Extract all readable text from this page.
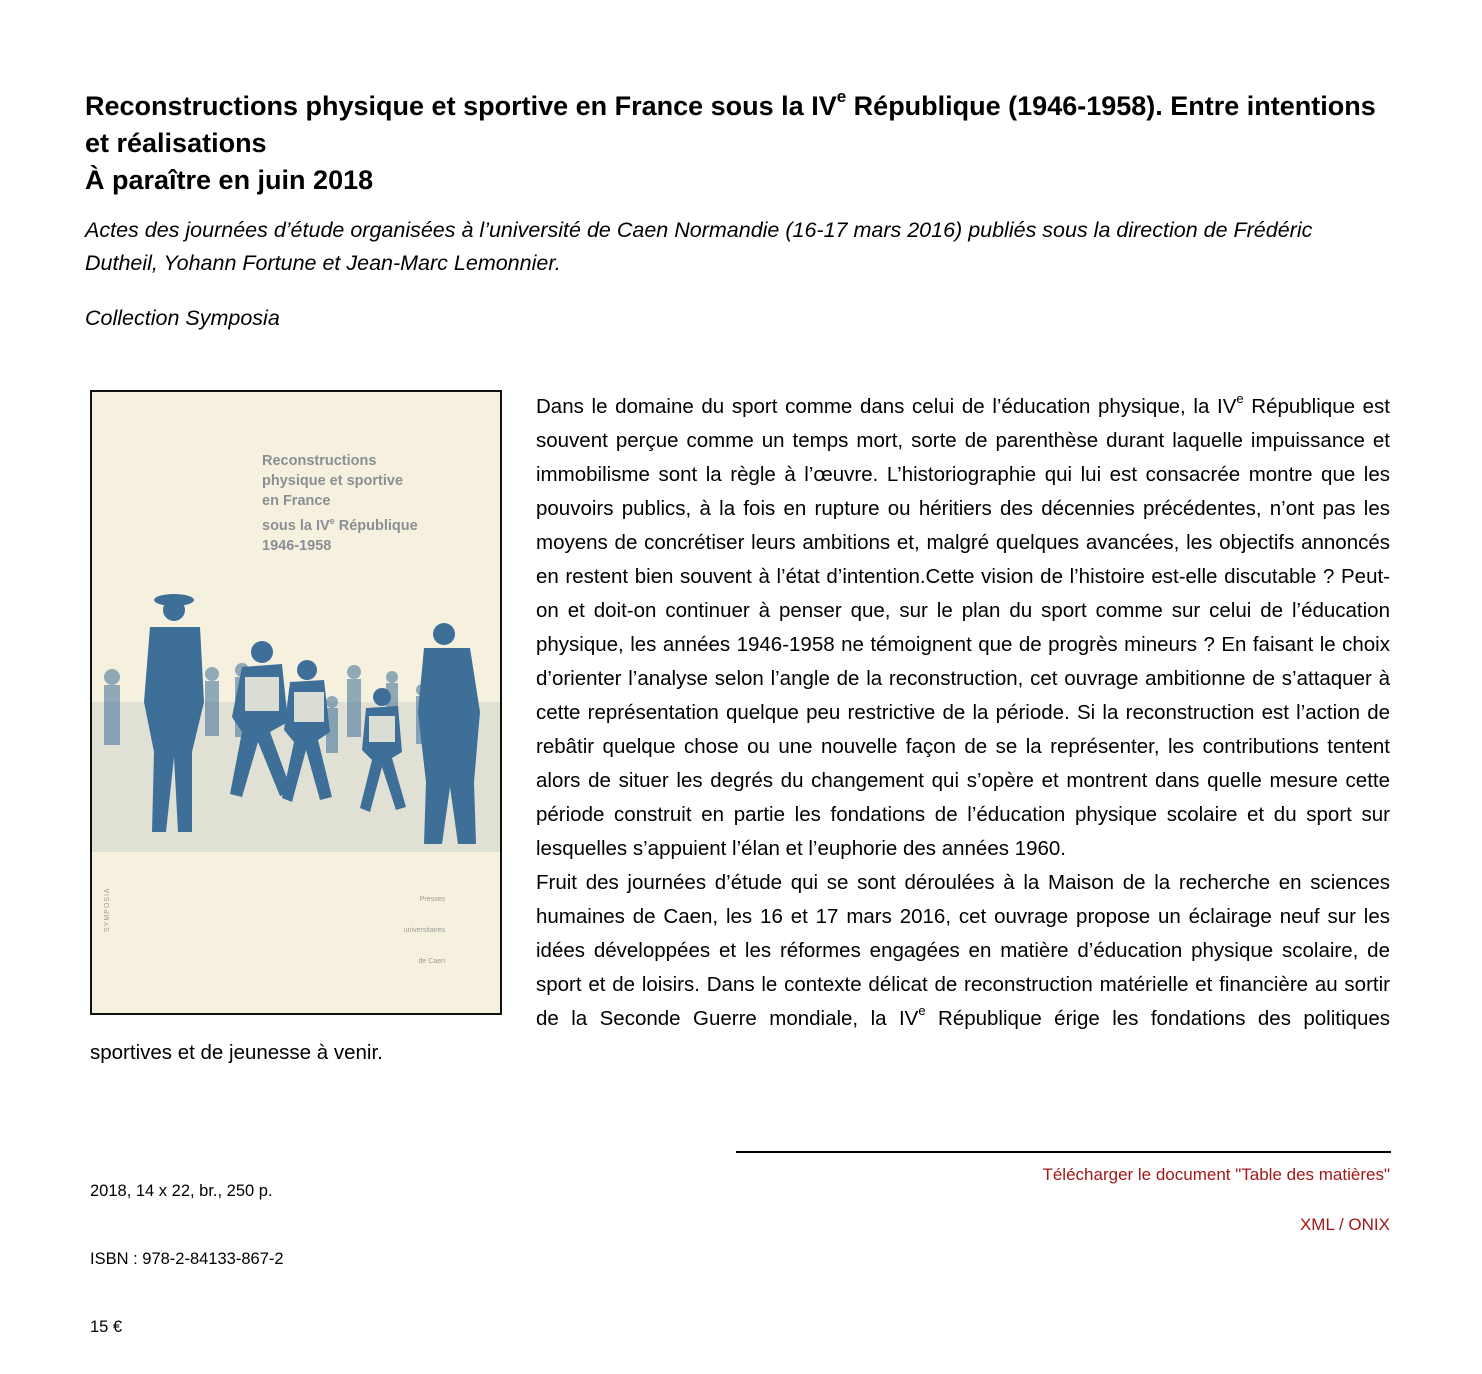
Reconstructions physique et sportive en France sous la IVe République (1946-1958). Entre intentions et réalisations
À paraître en juin 2018

Actes des journées d’étude organisées à l’université de Caen Normandie (16-17 mars 2016) publiés sous la direction de Frédéric Dutheil, Yohann Fortune et Jean-Marc Lemonnier.

Collection Symposia

Reconstructions
physique et sportive
en France
sous la IVe République
1946-1958
Presses
universitaires
de Caen
SYMPOSIA

Dans le domaine du sport comme dans celui de l’éducation physique, la IVe République est souvent perçue comme un temps mort, sorte de parenthèse durant laquelle impuissance et immobilisme sont la règle à l’œuvre. L’historiographie qui lui est consacrée montre que les pouvoirs publics, à la fois en rupture ou héritiers des décennies précédentes, n’ont pas les moyens de concrétiser leurs ambitions et, malgré quelques avancées, les objectifs annoncés en restent bien souvent à l’état d’intention.Cette vision de l’histoire est-elle discutable ? Peut-on et doit-on continuer à penser que, sur le plan du sport comme sur celui de l’éducation physique, les années 1946-1958 ne témoignent que de progrès mineurs ? En faisant le choix d’orienter l’analyse selon l’angle de la reconstruction, cet ouvrage ambitionne de s’attaquer à cette représentation quelque peu restrictive de la période. Si la reconstruction est l’action de rebâtir quelque chose ou une nouvelle façon de se la représenter, les contributions tentent alors de situer les degrés du changement qui s’opère et montrent dans quelle mesure cette période construit en partie les fondations de l’éducation physique scolaire et du sport sur lesquelles s’appuient l’élan et l’euphorie des années 1960.

Fruit des journées d’étude qui se sont déroulées à la Maison de la recherche en sciences humaines de Caen, les 16 et 17 mars 2016, cet ouvrage propose un éclairage neuf sur les idées développées et les réformes engagées en matière d’éducation physique scolaire, de sport et de loisirs. Dans le contexte délicat de reconstruction matérielle et financière au sortir de la Seconde Guerre mondiale, la IVe République érige les fondations des politiques sportives et de jeunesse à venir.

Télécharger le document "Table des matières"
XML / ONIX

2018, 14 x 22, br., 250 p.

ISBN : 978-2-84133-867-2

15 €
